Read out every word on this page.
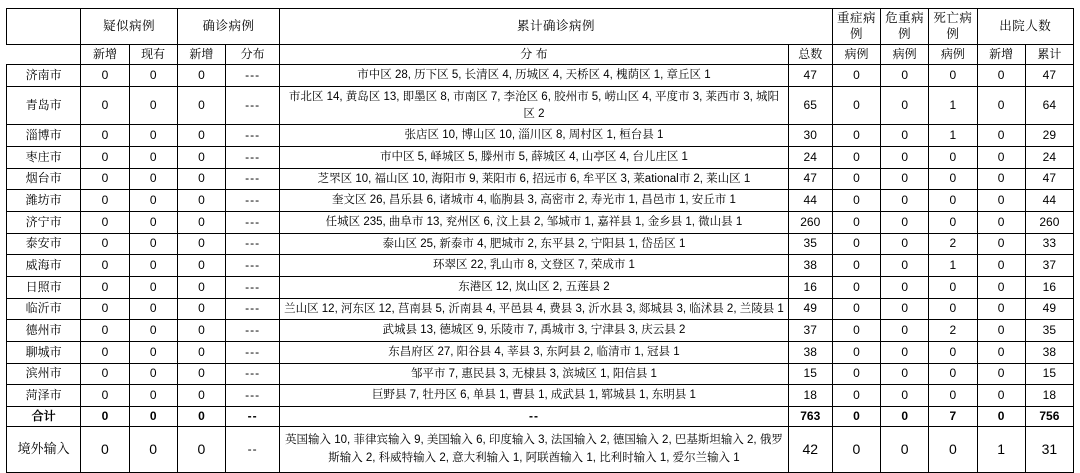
	疑似病例		确诊病例		累计确诊病例		重症病例	危重病例	死亡病例	出院人数	
	新增	现有	新增	分布	分 布	总数	病例	病例	病例	新增	累计
济南市	0	0	0	---	市中区 28, 历下区 5, 长清区 4, 历城区 4, 天桥区 4, 槐荫区 1, 章丘区 1	47	0	0	0	0	47
青岛市	0	0	0	---	市北区 14, 黄岛区 13, 即墨区 8, 市南区 7, 李沧区 6, 胶州市 5, 崂山区 4, 平度市 3, 莱西市 3, 城阳区 2	65	0	0	1	0	64
淄博市	0	0	0	---	张店区 10, 博山区 10, 淄川区 8, 周村区 1, 桓台县 1	30	0	0	1	0	29
枣庄市	0	0	0	---	市中区 5, 峄城区 5, 滕州市 5, 薛城区 4, 山亭区 4, 台儿庄区 1	24	0	0	0	0	24
烟台市	0	0	0	---	芝罘区 10, 福山区 10, 海阳市 9, 莱阳市 6, 招远市 6, 牟平区 3, 莱ational市 2, 莱山区 1	47	0	0	0	0	47
潍坊市	0	0	0	---	奎文区 26, 昌乐县 6, 诸城市 4, 临朐县 3, 高密市 2, 寿光市 1, 昌邑市 1, 安丘市 1	44	0	0	0	0	44
济宁市	0	0	0	---	任城区 235, 曲阜市 13, 兖州区 6, 汶上县 2, 邹城市 1, 嘉祥县 1, 金乡县 1, 微山县 1	260	0	0	0	0	260
泰安市	0	0	0	---	泰山区 25, 新泰市 4, 肥城市 2, 东平县 2, 宁阳县 1, 岱岳区 1	35	0	0	2	0	33
威海市	0	0	0	---	环翠区 22, 乳山市 8, 文登区 7, 荣成市 1	38	0	0	1	0	37
日照市	0	0	0	---	东港区 12, 岚山区 2, 五莲县 2	16	0	0	0	0	16
临沂市	0	0	0	---	兰山区 12, 河东区 12, 莒南县 5, 沂南县 4, 平邑县 4, 费县 3, 沂水县 3, 郯城县 3, 临沭县 2, 兰陵县 1	49	0	0	0	0	49
德州市	0	0	0	---	武城县 13, 德城区 9, 乐陵市 7, 禹城市 3, 宁津县 3, 庆云县 2	37	0	0	2	0	35
聊城市	0	0	0	---	东昌府区 27, 阳谷县 4, 莘县 3, 东阿县 2, 临清市 1, 冠县 1	38	0	0	0	0	38
滨州市	0	0	0	---	邹平市 7, 惠民县 3, 无棣县 3, 滨城区 1, 阳信县 1	15	0	0	0	0	15
菏泽市	0	0	0	---	巨野县 7, 牡丹区 6, 单县 1, 曹县 1, 成武县 1, 郓城县 1, 东明县 1	18	0	0	0	0	18
合计	0	0	0	--	--	763	0	0	7	0	756
境外输入	0	0	0	--	英国输入 10, 菲律宾输入 9, 美国输入 6, 印度输入 3, 法国输入 2, 德国输入 2, 巴基斯坦输入 2, 俄罗斯输入 2, 科威特输入 2, 意大利输入 1, 阿联酋输入 1, 比利时输入 1, 爱尔兰输入 1	42	0	0	0	1	31
